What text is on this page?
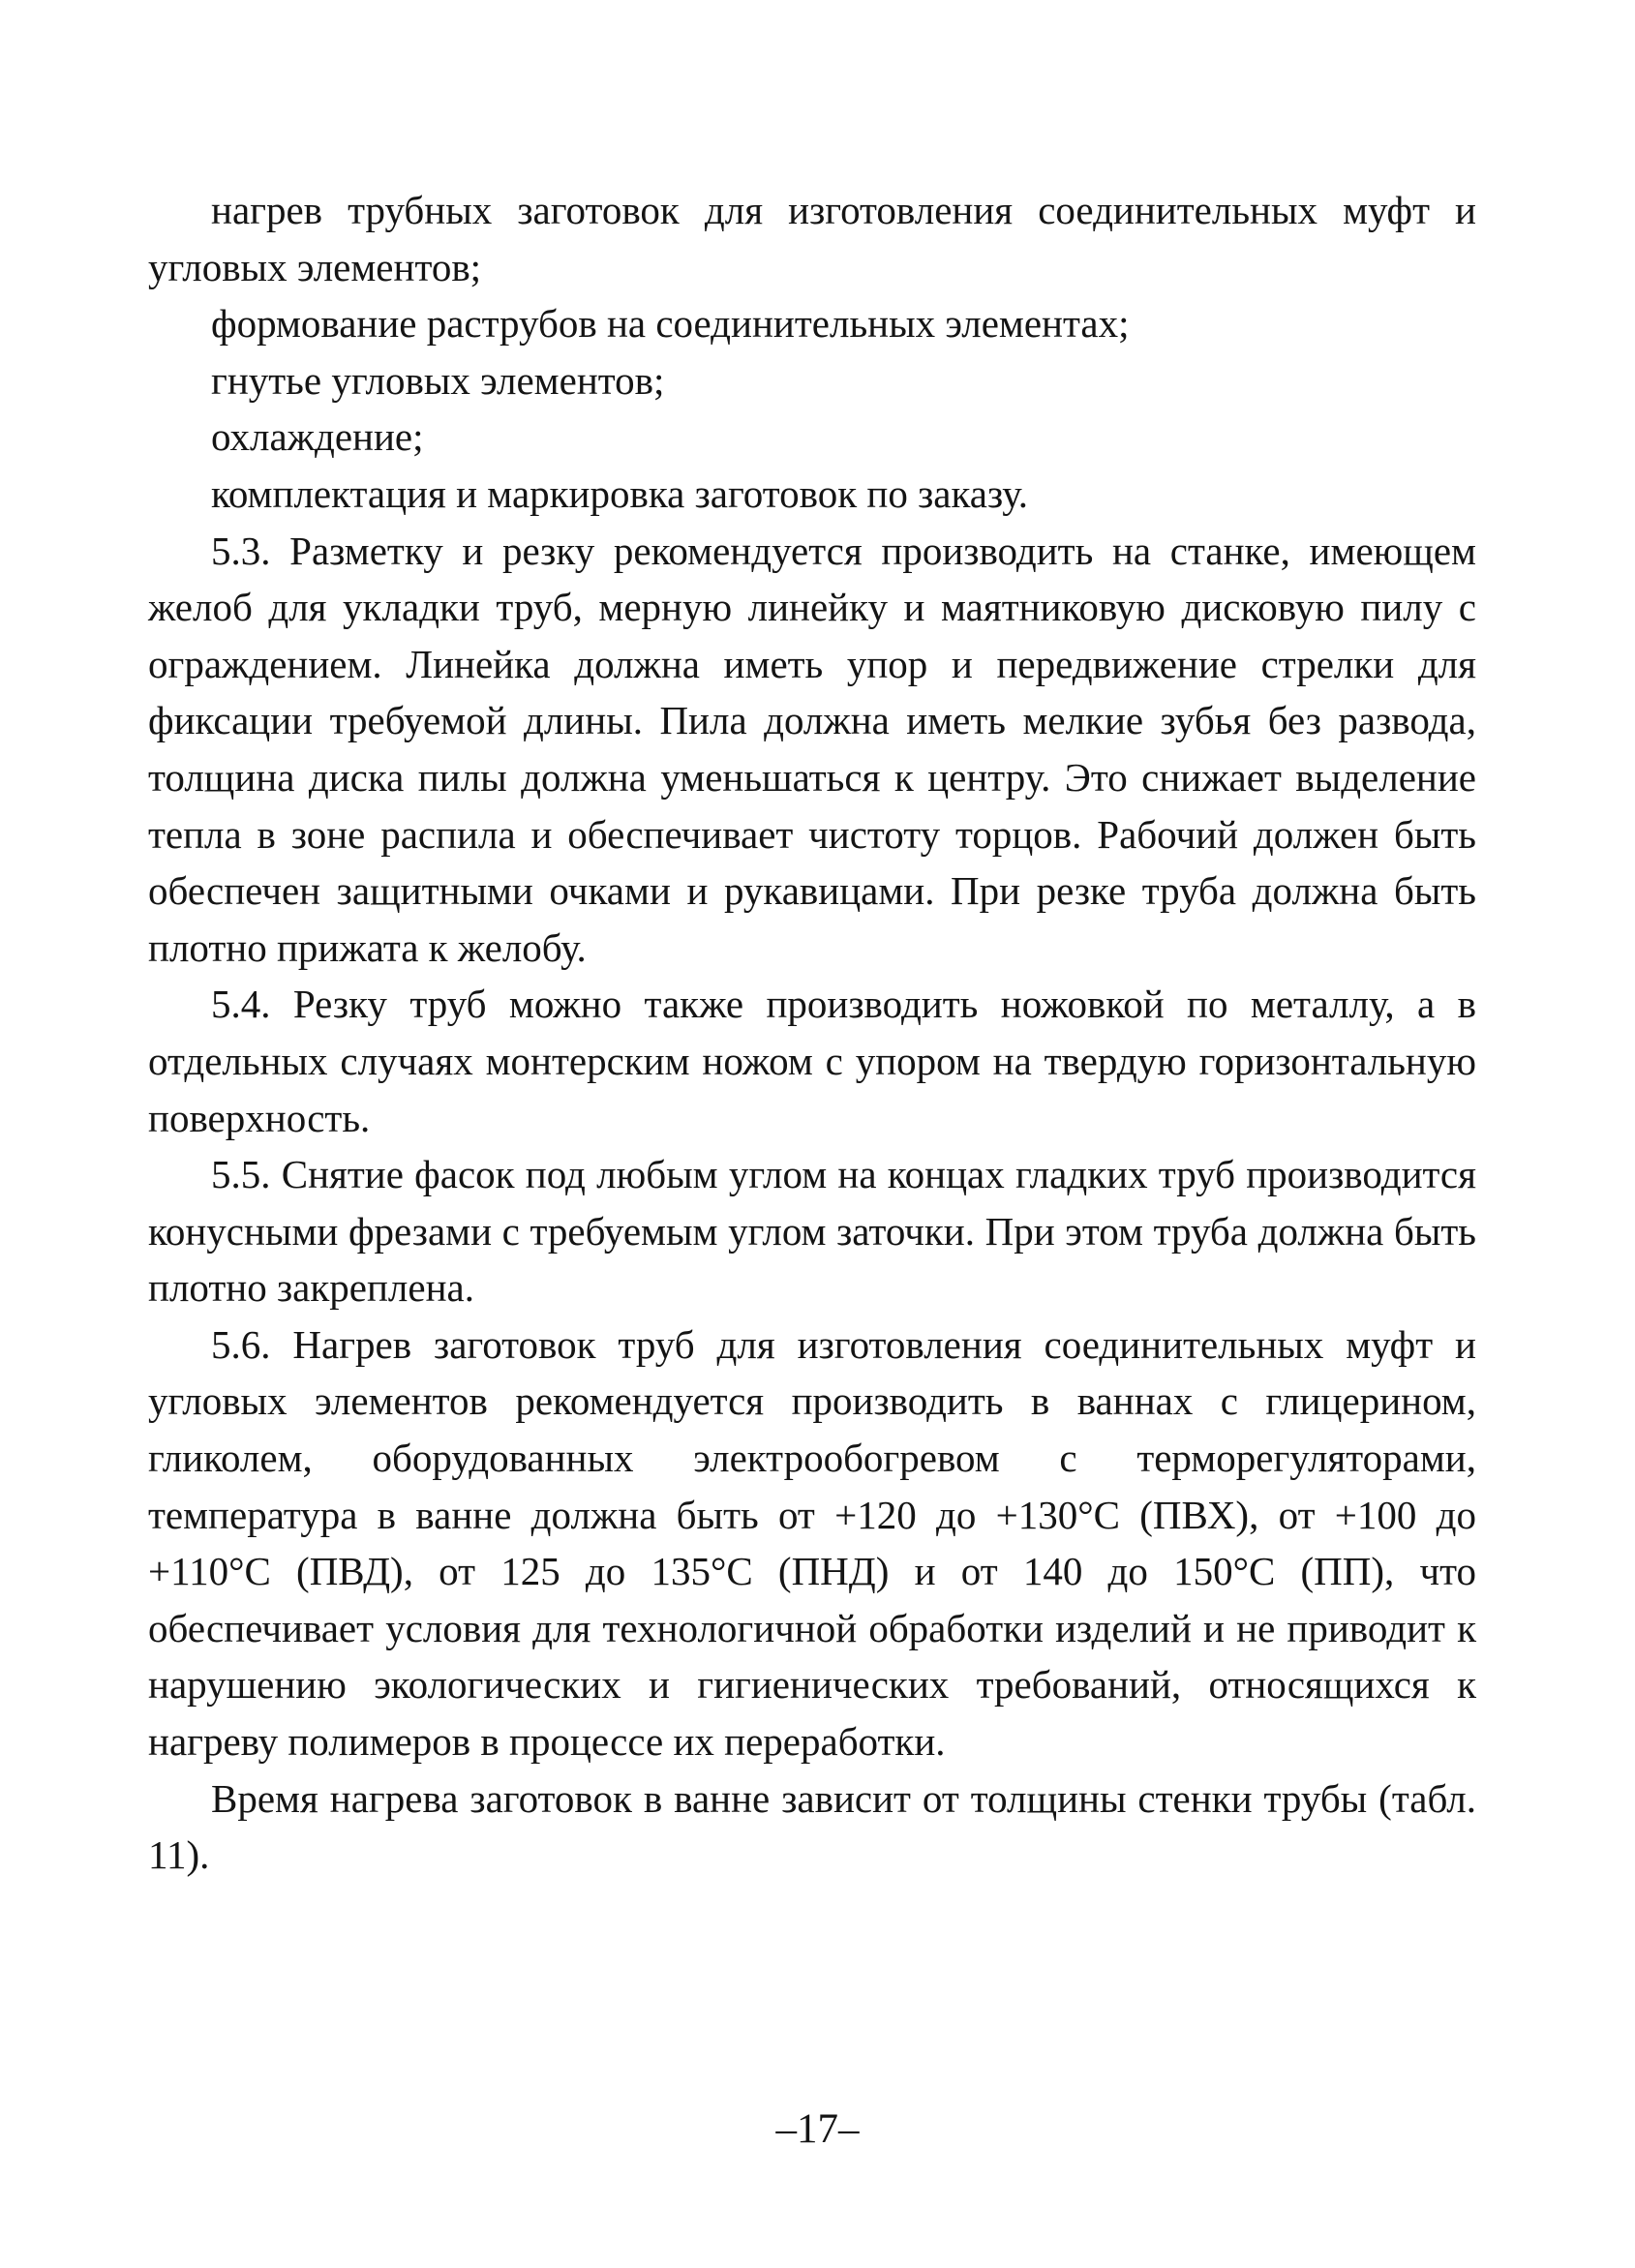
нагрев трубных заготовок для изготовления соединительных муфт и угловых элементов;

формование раструбов на соединительных элементах;

гнутье угловых элементов;

охлаждение;

комплектация и маркировка заготовок по заказу.

5.3. Разметку и резку рекомендуется производить на станке, имеющем желоб для укладки труб, мерную линейку и маятниковую дисковую пилу с ограждением. Линейка должна иметь упор и передвижение стрелки для фиксации требуемой длины. Пила должна иметь мелкие зубья без развода, толщина диска пилы должна уменьшаться к центру. Это снижает выделение тепла в зоне распила и обеспечивает чистоту торцов. Рабочий должен быть обеспечен защитными очками и рукавицами. При резке труба должна быть плотно прижата к желобу.

5.4. Резку труб можно также производить ножовкой по металлу, а в отдельных случаях монтерским ножом с упором на твердую горизонтальную поверхность.

5.5. Снятие фасок под любым углом на концах гладких труб производится конусными фрезами с требуемым углом заточки. При этом труба должна быть плотно закреплена.

5.6. Нагрев заготовок труб для изготовления соединительных муфт и угловых элементов рекомендуется производить в ваннах с глицерином, гликолем, оборудованных электрообогревом с терморегуляторами, температура в ванне должна быть от +120 до +130°С (ПВХ), от +100 до +110°С (ПВД), от 125 до 135°С (ПНД) и от 140 до 150°С (ПП), что обеспечивает условия для технологичной обработки изделий и не приводит к нарушению экологических и гигиенических требований, относящихся к нагреву полимеров в процессе их переработки.

Время нагрева заготовок в ванне зависит от толщины стенки трубы (табл. 11).

–17–
